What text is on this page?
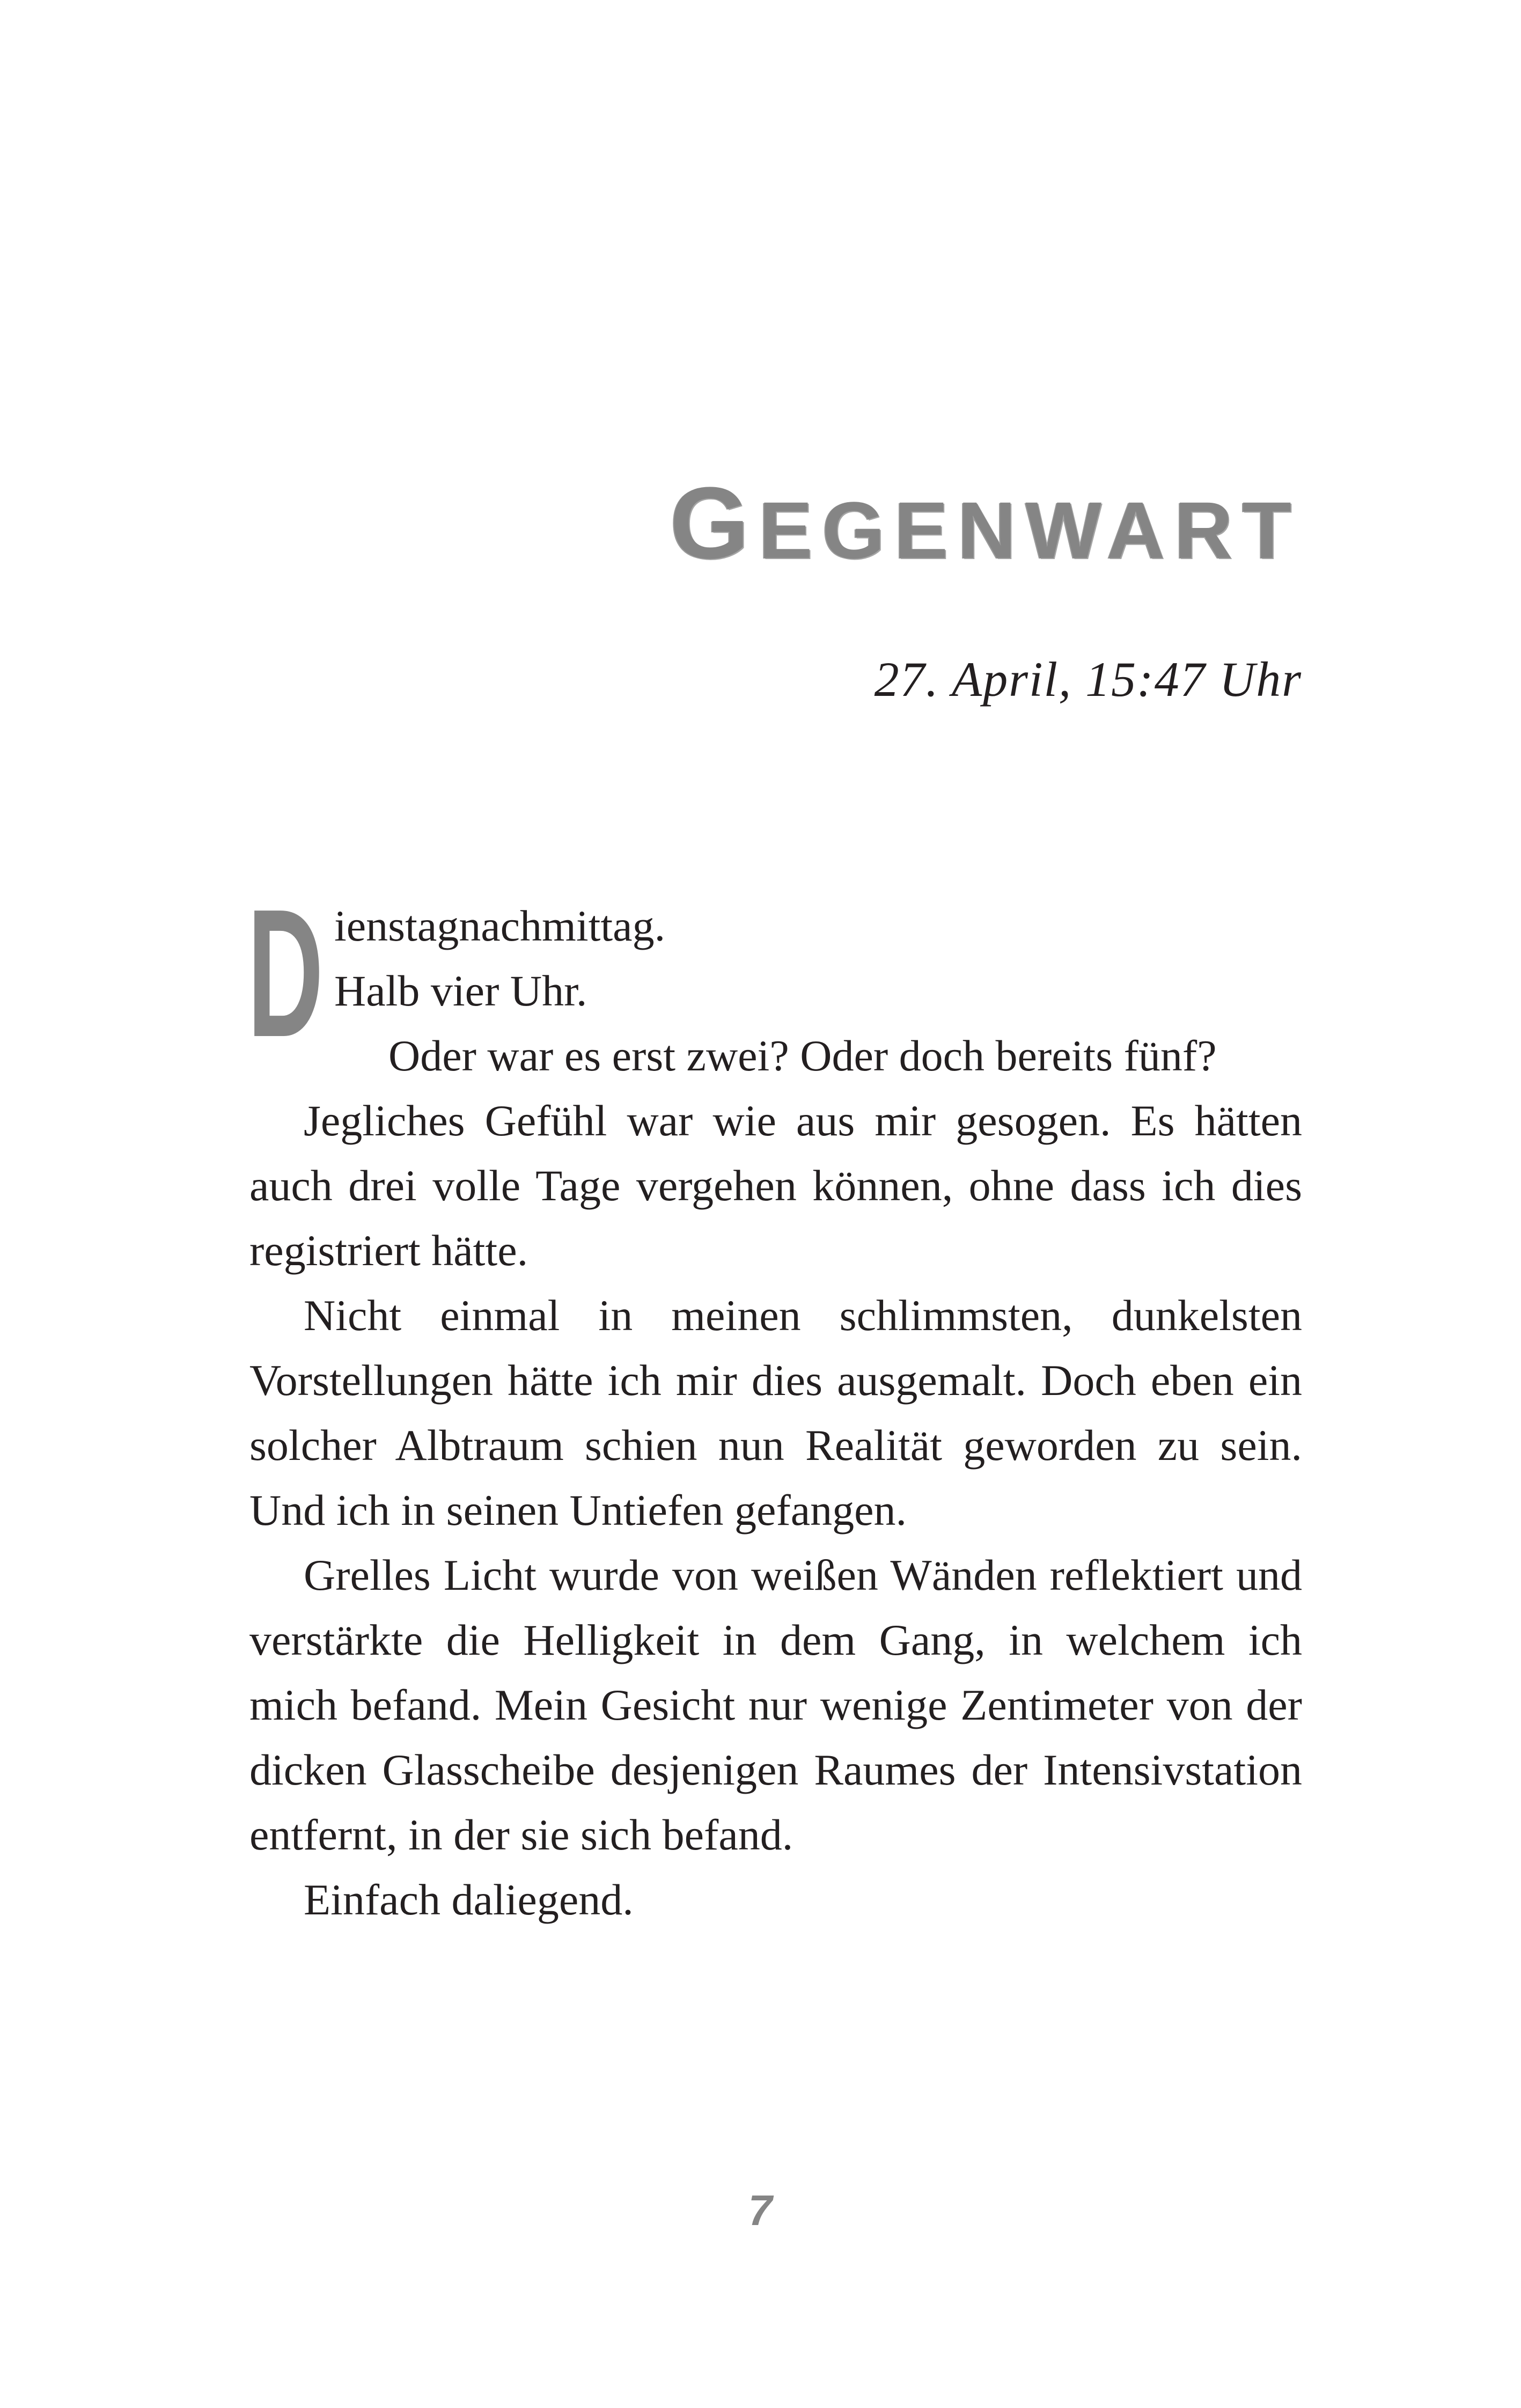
GEGENWART
27. April, 15:47 Uhr
D ienstagnachmittag.

Halb vier Uhr.

Oder war es erst zwei? Oder doch bereits fünf?

Jegliches Gefühl war wie aus mir gesogen. Es hätten auch drei volle Tage vergehen können, ohne dass ich dies registriert hätte.

Nicht einmal in meinen schlimmsten, dunkelsten Vorstellungen hätte ich mir dies ausgemalt. Doch eben ein solcher Albtraum schien nun Realität geworden zu sein. Und ich in seinen Untiefen gefangen.

Grelles Licht wurde von weißen Wänden reflektiert und verstärkte die Helligkeit in dem Gang, in welchem ich mich befand. Mein Gesicht nur wenige Zentimeter von der dicken Glasscheibe desjenigen Raumes der Intensivstation entfernt, in der sie sich befand.

Einfach daliegend.

7
